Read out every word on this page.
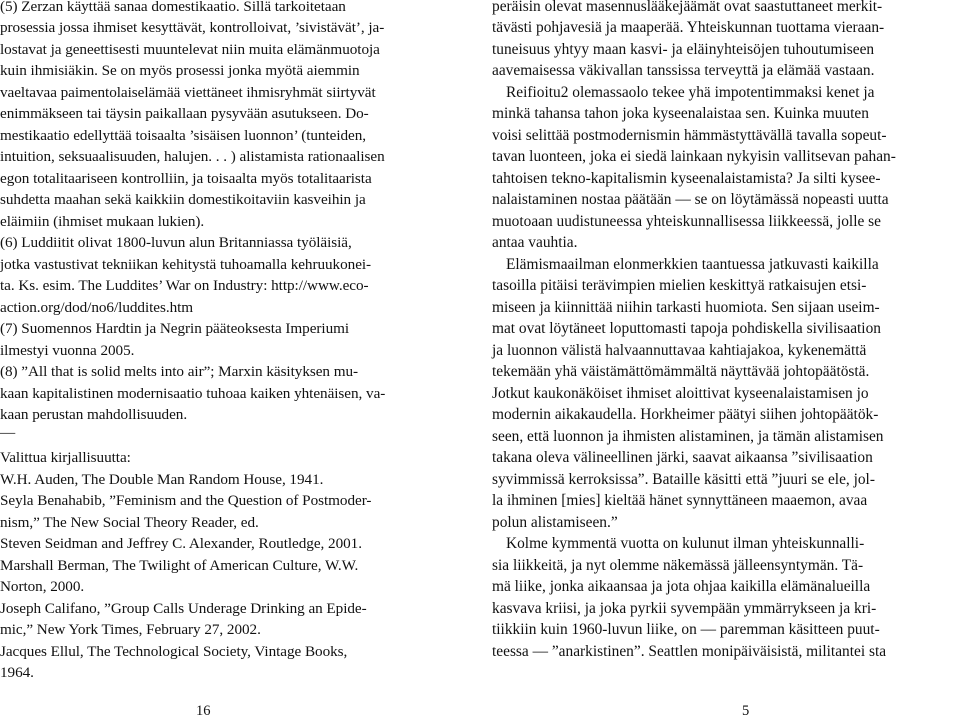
(5) Zerzan käyttää sanaa domestikaatio. Sillä tarkoitetaan
prosessia jossa ihmiset kesyttävät, kontrolloivat, ’sivistävät’, ja-
lostavat ja geneettisesti muuntelevat niin muita elämänmuotoja
kuin ihmisiäkin. Se on myös prosessi jonka myötä aiemmin
vaeltavaa paimentolaiselämää viettäneet ihmisryhmät siirtyvät
enimmäkseen tai täysin paikallaan pysyvään asutukseen. Do-
mestikaatio edellyttää toisaalta ’sisäisen luonnon’ (tunteiden,
intuition, seksuaalisuuden, halujen. . . ) alistamista rationaalisen
egon totalitaariseen kontrolliin, ja toisaalta myös totalitaarista
suhdetta maahan sekä kaikkiin domestikoitaviin kasveihin ja
eläimiin (ihmiset mukaan lukien).
(6) Luddiitit olivat 1800-luvun alun Britanniassa työläisiä,
jotka vastustivat tekniikan kehitystä tuhoamalla kehruukonei-
ta. Ks. esim. The Luddites’ War on Industry: http://www.eco-
action.org/dod/no6/luddites.htm
(7) Suomennos Hardtin ja Negrin pääteoksesta Imperiumi
ilmestyi vuonna 2005.
(8) ”All that is solid melts into air”; Marxin käsityksen mu-
kaan kapitalistinen modernisaatio tuhoaa kaiken yhtenäisen, va-
kaan perustan mahdollisuuden.
—
Valittua kirjallisuutta:
W.H. Auden, The Double Man Random House, 1941.
Seyla Benahabib, ”Feminism and the Question of Postmoder-
nism,” The New Social Theory Reader, ed.
Steven Seidman and Jeffrey C. Alexander, Routledge, 2001.
Marshall Berman, The Twilight of American Culture, W.W.
Norton, 2000.
Joseph Califano, ”Group Calls Underage Drinking an Epide-
mic,” New York Times, February 27, 2002.
Jacques Ellul, The Technological Society, Vintage Books,
1964.
peräisin olevat masennuslääkejäämät ovat saastuttaneet merkit-
tävästi pohjavesiä ja maaperää. Yhteiskunnan tuottama vieraan-
tuneisuus yhtyy maan kasvi- ja eläinyhteisöjen tuhoutumiseen
aavemaisessa väkivallan tanssissa terveyttä ja elämää vastaan.
Reifioitu2 olemassaolo tekee yhä impotentimmaksi kenet ja
minkä tahansa tahon joka kyseenalaistaa sen. Kuinka muuten
voisi selittää postmodernismin hämmästyttävällä tavalla sopeut-
tavan luonteen, joka ei siedä lainkaan nykyisin vallitsevan pahan-
tahtoisen tekno-kapitalismin kyseenalaistamista? Ja silti kysee-
nalaistaminen nostaa päätään — se on löytämässä nopeasti uutta
muotoaan uudistuneessa yhteiskunnallisessa liikkeessä, jolle se
antaa vauhtia.
Elämismaailman elonmerkkien taantuessa jatkuvasti kaikilla
tasoilla pitäisi terävimpien mielien keskittyä ratkaisujen etsi-
miseen ja kiinnittää niihin tarkasti huomiota. Sen sijaan useim-
mat ovat löytäneet loputtomasti tapoja pohdiskella sivilisaation
ja luonnon välistä halvaannuttavaa kahtiajakoa, kykenemättä
tekemään yhä väistämättömämmältä näyttävää johtopäätöstä.
Jotkut kaukonäköiset ihmiset aloittivat kyseenalaistamisen jo
modernin aikakaudella. Horkheimer päätyi siihen johtopäätök-
seen, että luonnon ja ihmisten alistaminen, ja tämän alistamisen
takana oleva välineellinen järki, saavat aikaansa ”sivilisaation
syvimmissä kerroksissa”. Bataille käsitti että ”juuri se ele, jol-
la ihminen [mies] kieltää hänet synnyttäneen maaemon, avaa
polun alistamiseen.”
Kolme kymmentä vuotta on kulunut ilman yhteiskunnalli-
sia liikkeitä, ja nyt olemme näkemässä jälleensyntymän. Tä-
mä liike, jonka aikaansaa ja jota ohjaa kaikilla elämänalueilla
kasvava kriisi, ja joka pyrkii syvempään ymmärrykseen ja kri-
tiikkiin kuin 1960-luvun liike, on — paremman käsitteen puut-
teessa — ”anarkistinen”. Seattlen monipäiväisistä, militantei sta
16	5
